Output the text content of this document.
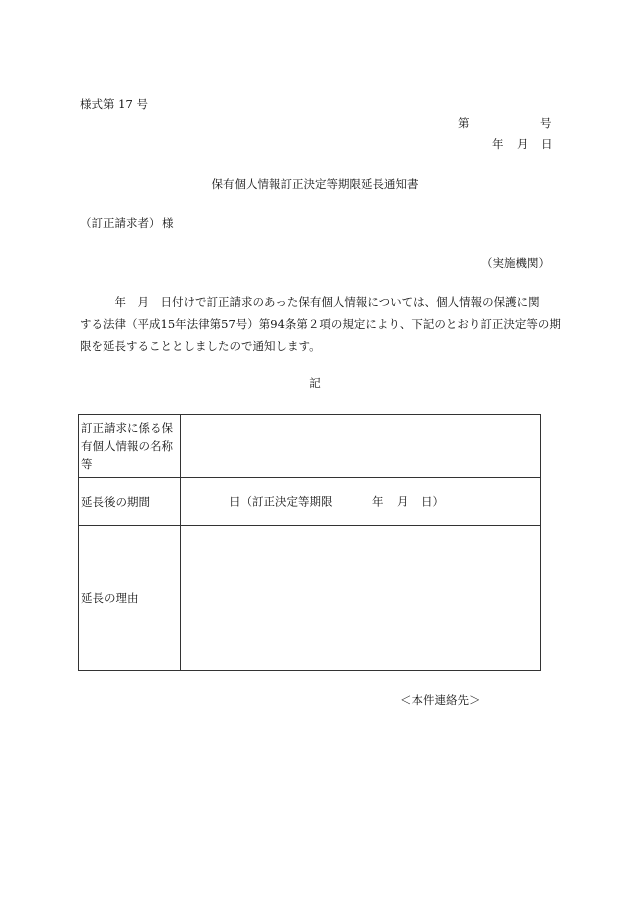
様式第 17 号
第	号
年 月 日
保有個人情報訂正決定等期限延長通知書
（訂正請求者） 様
（実施機関）
　　　年　月　日付けで訂正請求のあった保有個人情報については、個人情報の保護に関
する法律（平成15年法律第57号）第94条第２項の規定により、下記のとおり訂正決定等の期
限を延長することとしましたので通知します。
記
訂正請求に係る保
有個人情報の名称
等	

延長後の期間	日（訂正決定等期限 年 月 日）

延長の理由	
＜本件連絡先＞
